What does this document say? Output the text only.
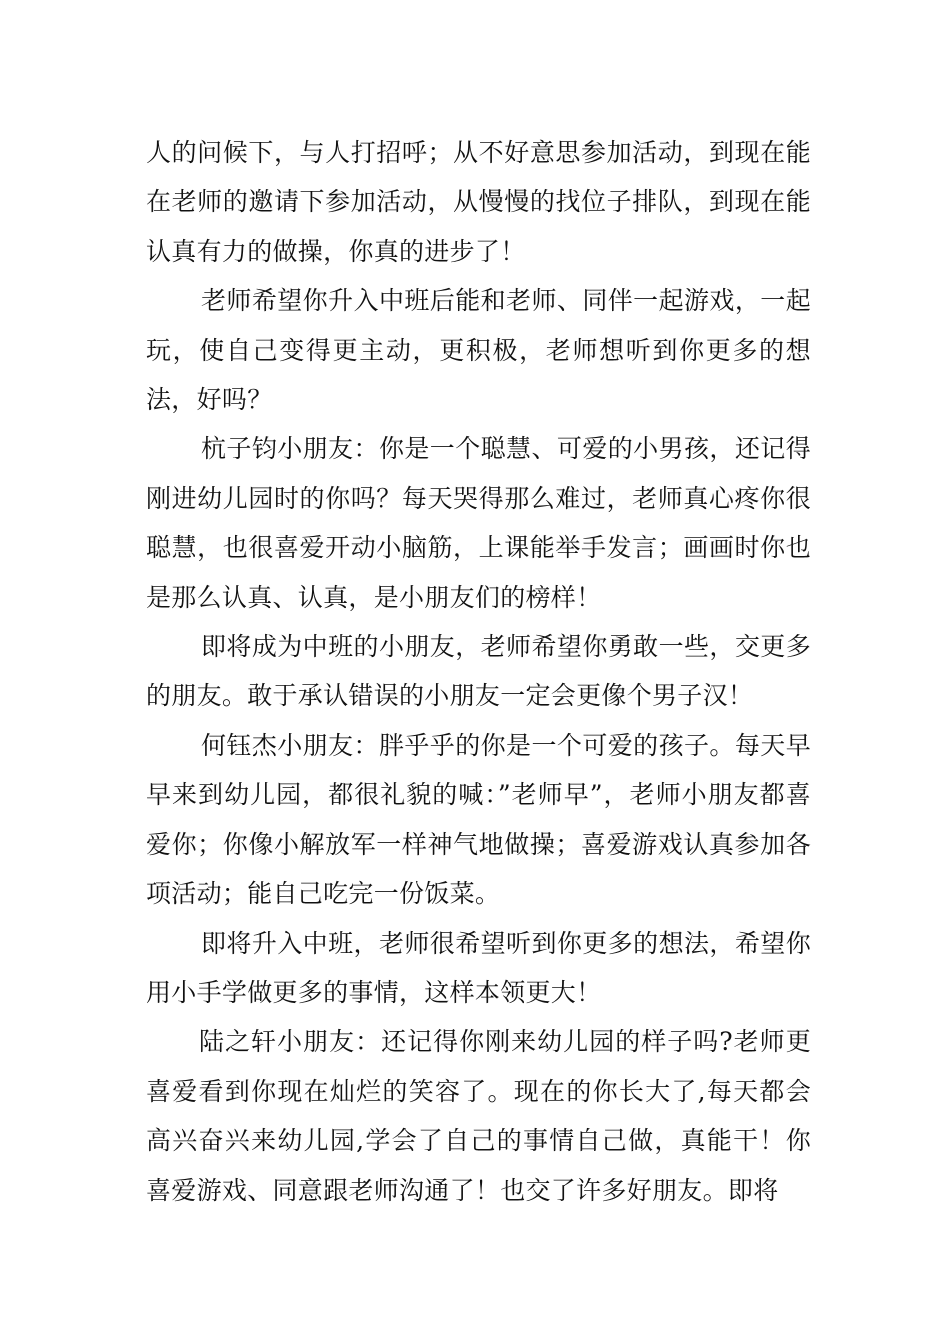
人的问候下，与人打招呼；从不好意思参加活动，到现在能在老师的邀请下参加活动，从慢慢的找位子排队，到现在能认真有力的做操，你真的进步了！

老师希望你升入中班后能和老师、同伴一起游戏，一起玩，使自己变得更主动，更积极，老师想听到你更多的想法，好吗？

杭子钧小朋友：你是一个聪慧、可爱的小男孩，还记得刚进幼儿园时的你吗？每天哭得那么难过，老师真心疼你很聪慧，也很喜爱开动小脑筋，上课能举手发言；画画时你也是那么认真、认真，是小朋友们的榜样！

即将成为中班的小朋友，老师希望你勇敢一些，交更多的朋友。敢于承认错误的小朋友一定会更像个男子汉！

何钰杰小朋友：胖乎乎的你是一个可爱的孩子。每天早早来到幼儿园，都很礼貌的喊：”老师早”，老师小朋友都喜爱你；你像小解放军一样神气地做操；喜爱游戏认真参加各项活动；能自己吃完一份饭菜。

即将升入中班，老师很希望听到你更多的想法，希望你用小手学做更多的事情，这样本领更大！

陆之轩小朋友：还记得你刚来幼儿园的样子吗?老师更喜爱看到你现在灿烂的笑容了。现在的你长大了,每天都会高兴奋兴来幼儿园,学会了自己的事情自己做，真能干！你喜爱游戏、同意跟老师沟通了！也交了许多好朋友。即将
